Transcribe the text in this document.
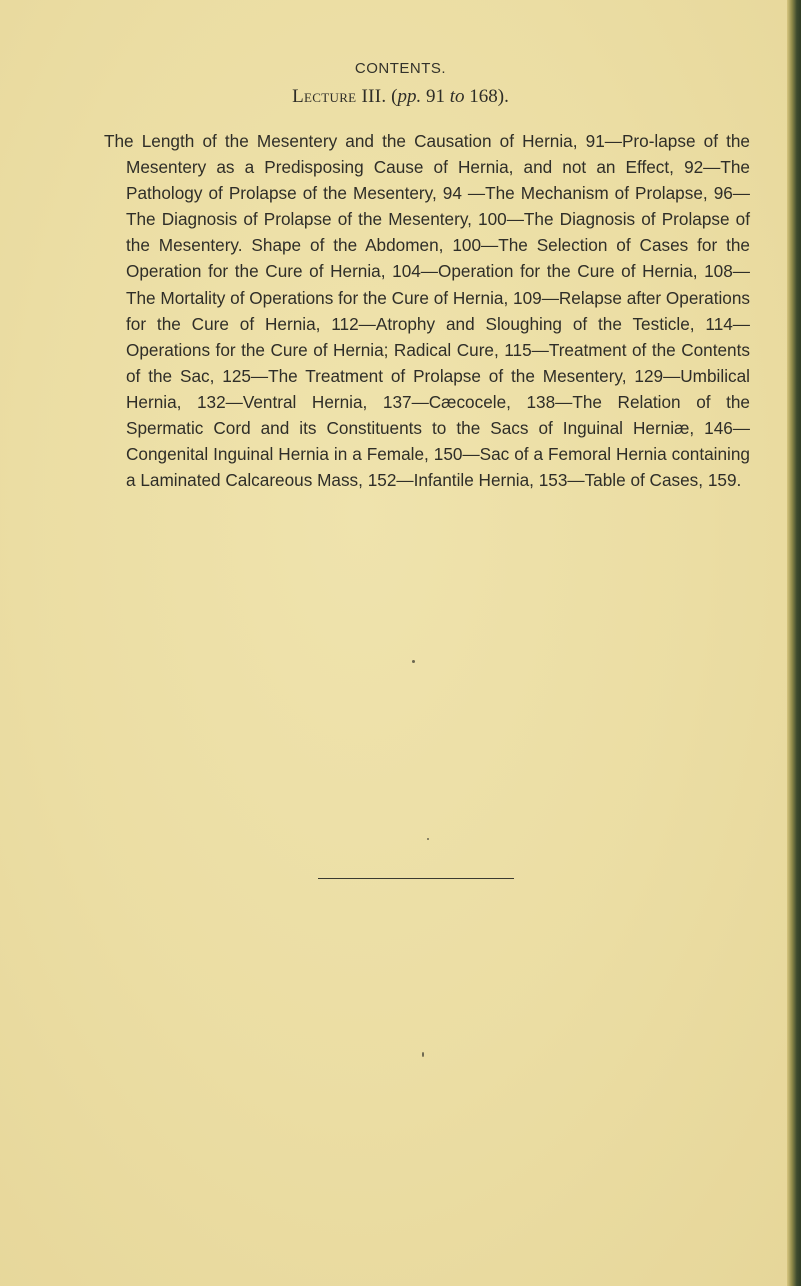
CONTENTS.
Lecture III. (pp. 91 to 168).
The Length of the Mesentery and the Causation of Hernia, 91—Pro-lapse of the Mesentery as a Predisposing Cause of Hernia, and not an Effect, 92—The Pathology of Prolapse of the Mesentery, 94 —The Mechanism of Prolapse, 96—The Diagnosis of Prolapse of the Mesentery, 100—The Diagnosis of Prolapse of the Mesentery. Shape of the Abdomen, 100—The Selection of Cases for the Operation for the Cure of Hernia, 104—Operation for the Cure of Hernia, 108—The Mortality of Operations for the Cure of Hernia, 109—Relapse after Operations for the Cure of Hernia, 112—Atrophy and Sloughing of the Testicle, 114—Operations for the Cure of Hernia; Radical Cure, 115—Treatment of the Contents of the Sac, 125—The Treatment of Prolapse of the Mesentery, 129—Umbilical Hernia, 132—Ventral Hernia, 137—Cæcocele, 138—The Relation of the Spermatic Cord and its Constituents to the Sacs of Inguinal Herniæ, 146—Congenital Inguinal Hernia in a Female, 150—Sac of a Femoral Hernia containing a Laminated Calcareous Mass, 152—Infantile Hernia, 153—Table of Cases, 159.
